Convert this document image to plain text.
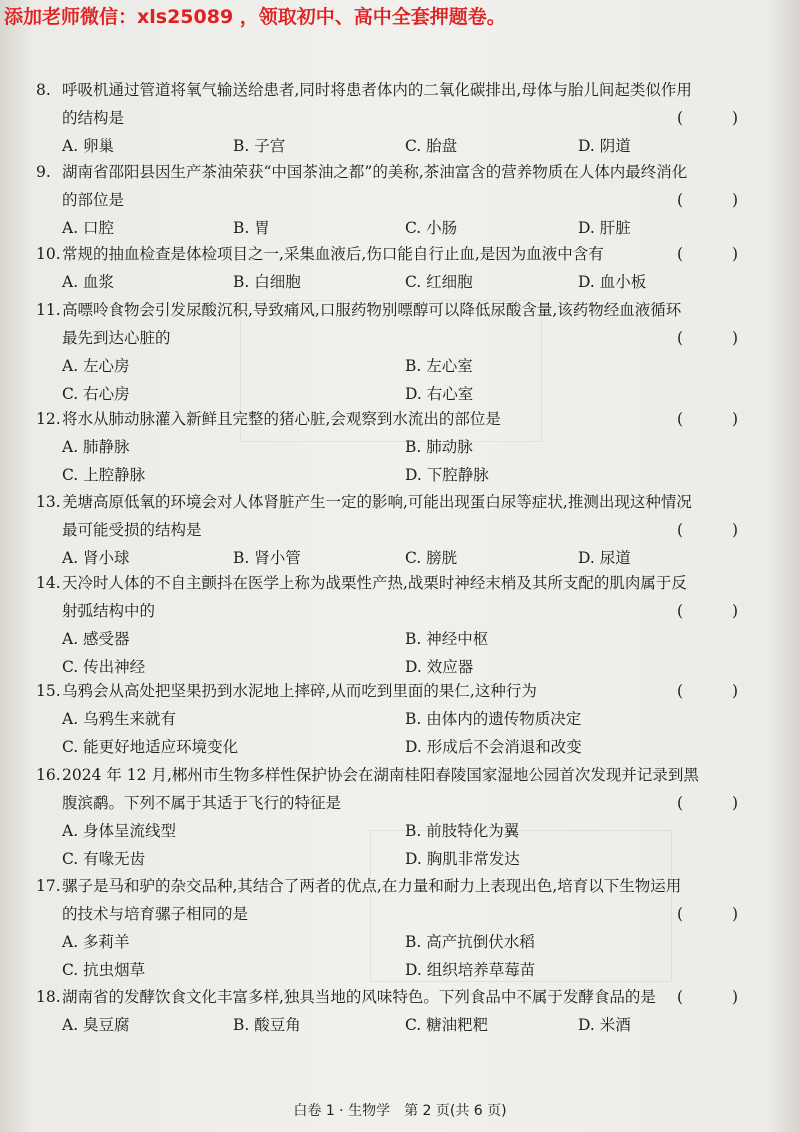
添加老师微信：xls25089 ，领取初中、高中全套押题卷。
8. 呼吸机通过管道将氧气输送给患者,同时将患者体内的二氧化碳排出,母体与胎儿间起类似作用
的结构是	( )
A. 卵巢	B. 子宫	C. 胎盘	D. 阴道
9. 湖南省邵阳县因生产茶油荣获“中国茶油之都”的美称,茶油富含的营养物质在人体内最终消化
的部位是	( )
A. 口腔	B. 胃	C. 小肠	D. 肝脏
10.常规的抽血检查是体检项目之一,采集血液后,伤口能自行止血,是因为血液中含有	( )
A. 血浆	B. 白细胞	C. 红细胞	D. 血小板
11.高嘌呤食物会引发尿酸沉积,导致痛风,口服药物别嘌醇可以降低尿酸含量,该药物经血液循环
最先到达心脏的	( )
A. 左心房	B. 左心室
C. 右心房	D. 右心室
12.将水从肺动脉灌入新鲜且完整的猪心脏,会观察到水流出的部位是	( )
A. 肺静脉	B. 肺动脉
C. 上腔静脉	D. 下腔静脉
13.羌塘高原低氧的环境会对人体肾脏产生一定的影响,可能出现蛋白尿等症状,推测出现这种情况
最可能受损的结构是	( )
A. 肾小球	B. 肾小管	C. 膀胱	D. 尿道
14.天冷时人体的不自主颤抖在医学上称为战栗性产热,战栗时神经末梢及其所支配的肌肉属于反
射弧结构中的	( )
A. 感受器	B. 神经中枢
C. 传出神经	D. 效应器
15.乌鸦会从高处把坚果扔到水泥地上摔碎,从而吃到里面的果仁,这种行为	( )
A. 乌鸦生来就有	B. 由体内的遗传物质决定
C. 能更好地适应环境变化	D. 形成后不会消退和改变
16.2024 年 12 月,郴州市生物多样性保护协会在湖南桂阳春陵国家湿地公园首次发现并记录到黑
腹滨鹬。下列不属于其适于飞行的特征是	( )
A. 身体呈流线型	B. 前肢特化为翼
C. 有喙无齿	D. 胸肌非常发达
17.骡子是马和驴的杂交品种,其结合了两者的优点,在力量和耐力上表现出色,培育以下生物运用
的技术与培育骡子相同的是	( )
A. 多莉羊	B. 高产抗倒伏水稻
C. 抗虫烟草	D. 组织培养草莓苗
18.湖南省的发酵饮食文化丰富多样,独具当地的风味特色。下列食品中不属于发酵食品的是	( )
A. 臭豆腐	B. 酸豆角	C. 糖油粑粑	D. 米酒
白卷 1 · 生物学　第 2 页(共 6 页)
